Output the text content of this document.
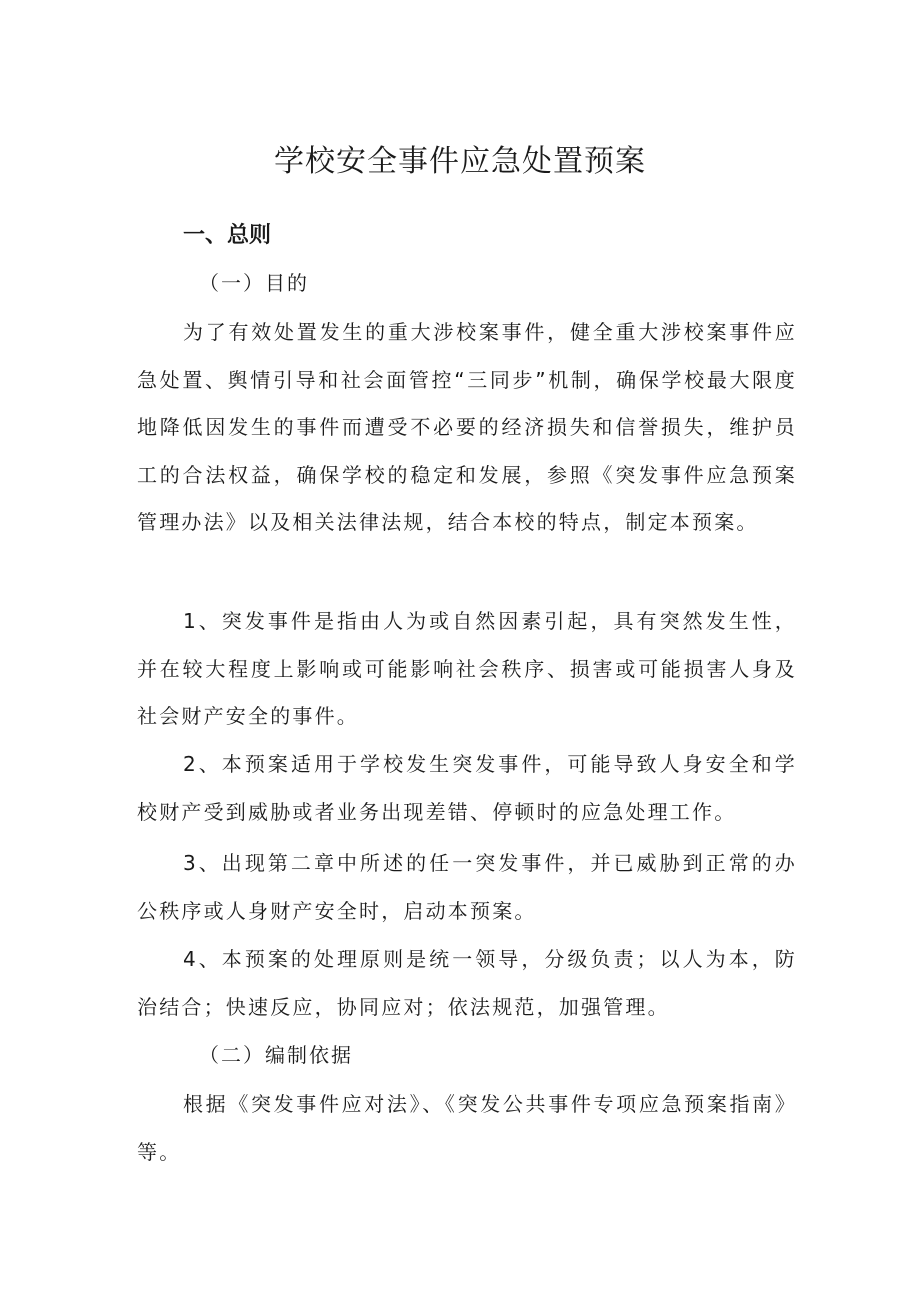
学校安全事件应急处置预案
一、总则
（一）目的
为了有效处置发生的重大涉校案事件，健全重大涉校案事件应急处置、舆情引导和社会面管控“三同步”机制，确保学校最大限度地降低因发生的事件而遭受不必要的经济损失和信誉损失，维护员工的合法权益，确保学校的稳定和发展，参照《突发事件应急预案管理办法》以及相关法律法规，结合本校的特点，制定本预案。
1、突发事件是指由人为或自然因素引起，具有突然发生性，并在较大程度上影响或可能影响社会秩序、损害或可能损害人身及社会财产安全的事件。
2、本预案适用于学校发生突发事件，可能导致人身安全和学校财产受到威胁或者业务出现差错、停顿时的应急处理工作。
3、出现第二章中所述的任一突发事件，并已威胁到正常的办公秩序或人身财产安全时，启动本预案。
4、本预案的处理原则是统一领导，分级负责；以人为本，防治结合；快速反应，协同应对；依法规范，加强管理。
（二）编制依据
根据《突发事件应对法》、《突发公共事件专项应急预案指南》等。
